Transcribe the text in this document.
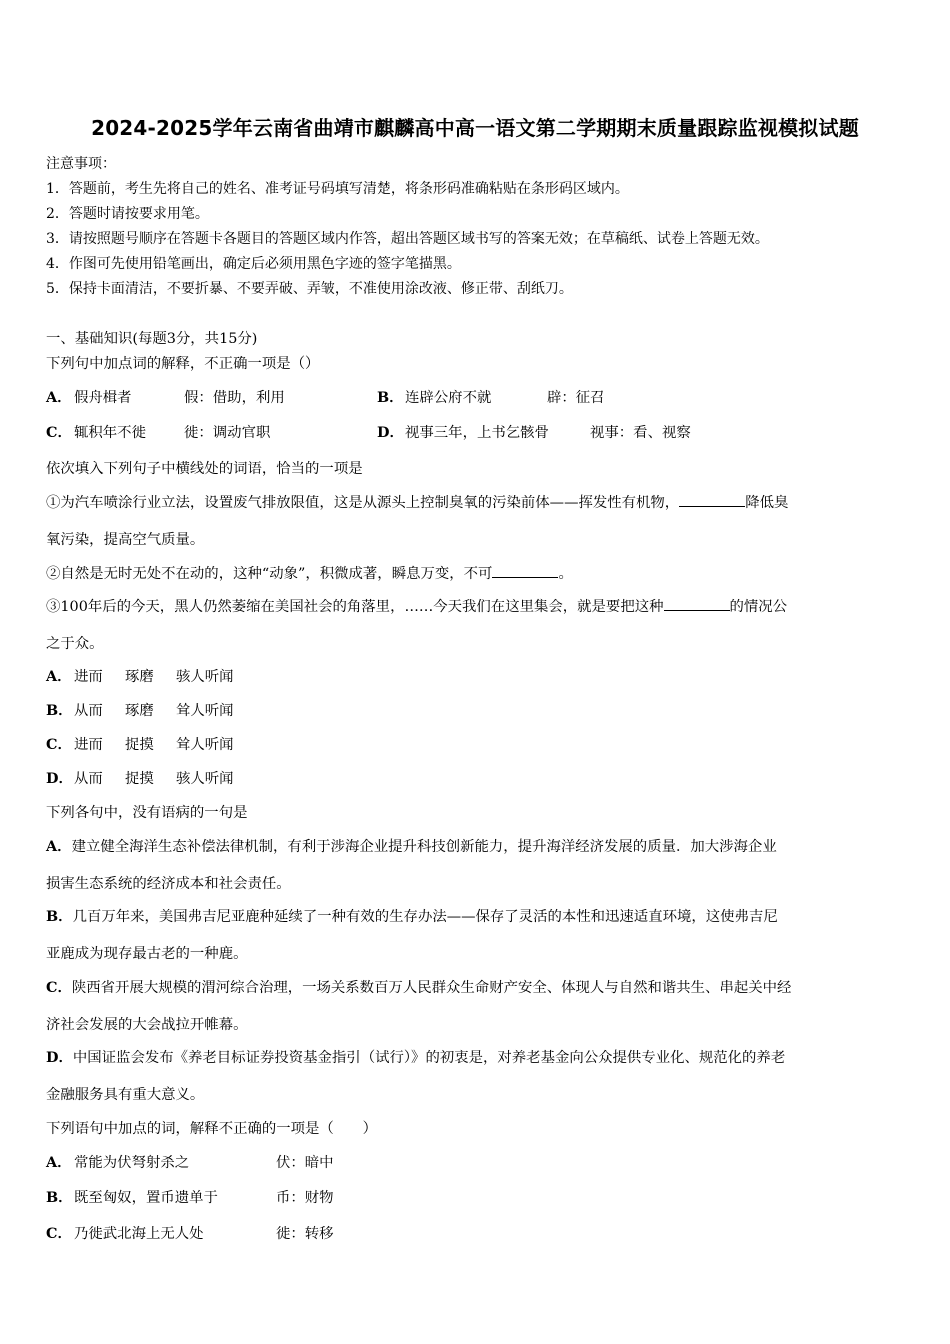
2024-2025学年云南省曲靖市麒麟高中高一语文第二学期期末质量跟踪监视模拟试题
注意事项：
1．答题前，考生先将自己的姓名、准考证号码填写清楚，将条形码准确粘贴在条形码区域内。
2．答题时请按要求用笔。
3．请按照题号顺序在答题卡各题目的答题区域内作答，超出答题区域书写的答案无效；在草稿纸、试卷上答题无效。
4．作图可先使用铅笔画出，确定后必须用黑色字迹的签字笔描黑。
5．保持卡面清洁，不要折暴、不要弄破、弄皱，不准使用涂改液、修正带、刮纸刀。
一、基础知识(每题3分，共15分)
下列句中加点词的解释，不正确一项是（）
A． 假舟楫者	假：借助，利用	B． 连辟公府不就	辟：征召
C． 辄积年不徙	徙：调动官职	D． 视事三年，上书乞骸骨	视事：看、视察
依次填入下列句子中横线处的词语，恰当的一项是
①为汽车喷涂行业立法，设置废气排放限值，这是从源头上控制臭氧的污染前体——挥发性有机物，	降低臭
氧污染，提高空气质量。
②自然是无时无处不在动的，这种“动象”，积微成著，瞬息万变，不可	。
③100年后的今天，黑人仍然萎缩在美国社会的角落里，……今天我们在这里集会，就是要把这种	的情况公
之于众。
A． 进而 琢磨 骇人听闻
B． 从而 琢磨 耸人听闻
C． 进而 捉摸 耸人听闻
D． 从而 捉摸 骇人听闻
下列各句中，没有语病的一句是
A．建立健全海洋生态补偿法律机制，有利于涉海企业提升科技创新能力，提升海洋经济发展的质量．加大涉海企业
损害生态系统的经济成本和社会责任。
B．几百万年来，美国弗吉尼亚鹿种延续了一种有效的生存办法——保存了灵活的本性和迅速适直环境，这使弗吉尼
亚鹿成为现存最古老的一种鹿。
C．陕西省开展大规模的渭河综合治理，一场关系数百万人民群众生命财产安全、体现人与自然和谐共生、串起关中经
济社会发展的大会战拉开帷幕。
D．中国证监会发布《养老目标证券投资基金指引（试行）》的初衷是，对养老基金向公众提供专业化、规范化的养老
金融服务具有重大意义。
下列语句中加点的词，解释不正确的一项是（　　）
A． 常能为伏弩射杀之	伏：暗中
B． 既至匈奴，置币遗单于	币：财物
C． 乃徙武北海上无人处	徙：转移
